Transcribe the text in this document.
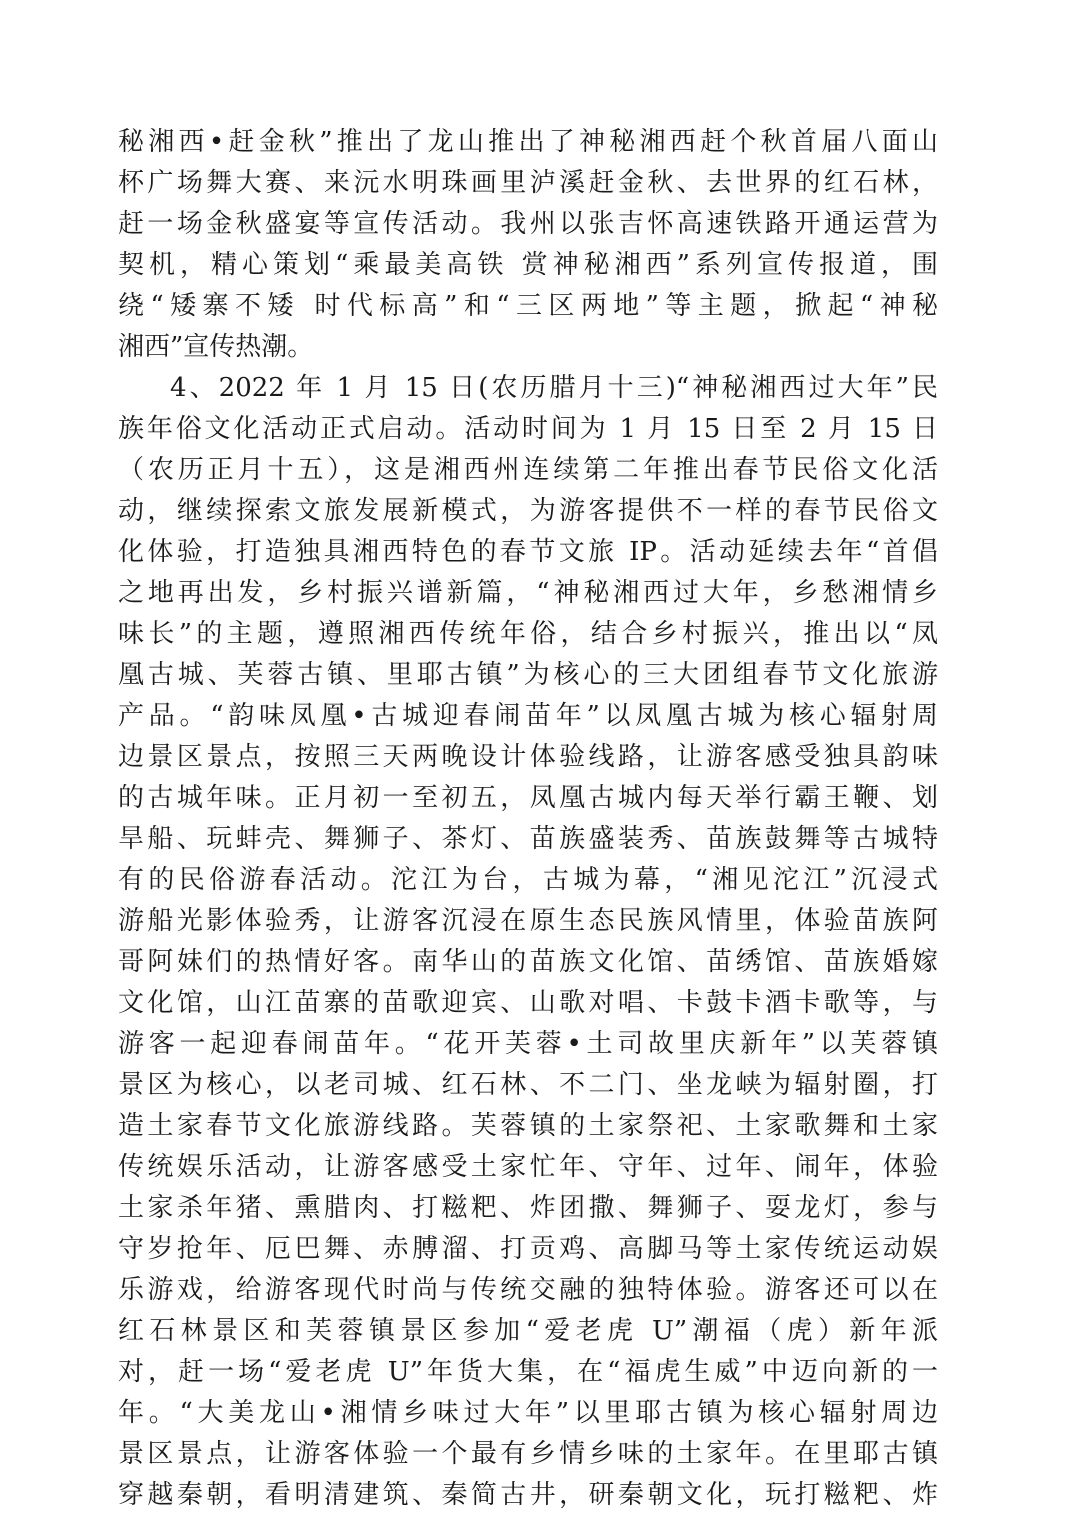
秘湘西•赶金秋”推出了龙山推出了神秘湘西赶个秋首届八面山
杯广场舞大赛、来沅水明珠画里泸溪赶金秋、去世界的红石林，
赶一场金秋盛宴等宣传活动。我州以张吉怀高速铁路开通运营为
契机，精心策划“乘最美高铁 赏神秘湘西”系列宣传报道，围
绕“矮寨不矮 时代标高”和“三区两地”等主题，掀起“神秘
湘西”宣传热潮。
4、2022 年 1 月 15 日(农历腊月十三)“神秘湘西过大年”民
族年俗文化活动正式启动。活动时间为 1 月 15 日至 2 月 15 日
（农历正月十五），这是湘西州连续第二年推出春节民俗文化活
动，继续探索文旅发展新模式，为游客提供不一样的春节民俗文
化体验，打造独具湘西特色的春节文旅 IP。活动延续去年“首倡
之地再出发，乡村振兴谱新篇，“神秘湘西过大年，乡愁湘情乡
味长”的主题，遵照湘西传统年俗，结合乡村振兴，推出以“凤
凰古城、芙蓉古镇、里耶古镇”为核心的三大团组春节文化旅游
产品。“韵味凤凰•古城迎春闹苗年”以凤凰古城为核心辐射周
边景区景点，按照三天两晚设计体验线路，让游客感受独具韵味
的古城年味。正月初一至初五，凤凰古城内每天举行霸王鞭、划
旱船、玩蚌壳、舞狮子、茶灯、苗族盛装秀、苗族鼓舞等古城特
有的民俗游春活动。沱江为台，古城为幕，“湘见沱江”沉浸式
游船光影体验秀，让游客沉浸在原生态民族风情里，体验苗族阿
哥阿妹们的热情好客。南华山的苗族文化馆、苗绣馆、苗族婚嫁
文化馆，山江苗寨的苗歌迎宾、山歌对唱、卡鼓卡酒卡歌等，与
游客一起迎春闹苗年。“花开芙蓉•土司故里庆新年”以芙蓉镇
景区为核心，以老司城、红石林、不二门、坐龙峡为辐射圈，打
造土家春节文化旅游线路。芙蓉镇的土家祭祀、土家歌舞和土家
传统娱乐活动，让游客感受土家忙年、守年、过年、闹年，体验
土家杀年猪、熏腊肉、打糍粑、炸团撒、舞狮子、耍龙灯，参与
守岁抢年、厄巴舞、赤膊溜、打贡鸡、高脚马等土家传统运动娱
乐游戏，给游客现代时尚与传统交融的独特体验。游客还可以在
红石林景区和芙蓉镇景区参加“爱老虎 U”潮福（虎）新年派
对，赶一场“爱老虎 U”年货大集，在“福虎生威”中迈向新的一
年。“大美龙山•湘情乡味过大年”以里耶古镇为核心辐射周边
景区景点，让游客体验一个最有乡情乡味的土家年。在里耶古镇
穿越秦朝，看明清建筑、秦简古井，研秦朝文化，玩打糍粑、炸
